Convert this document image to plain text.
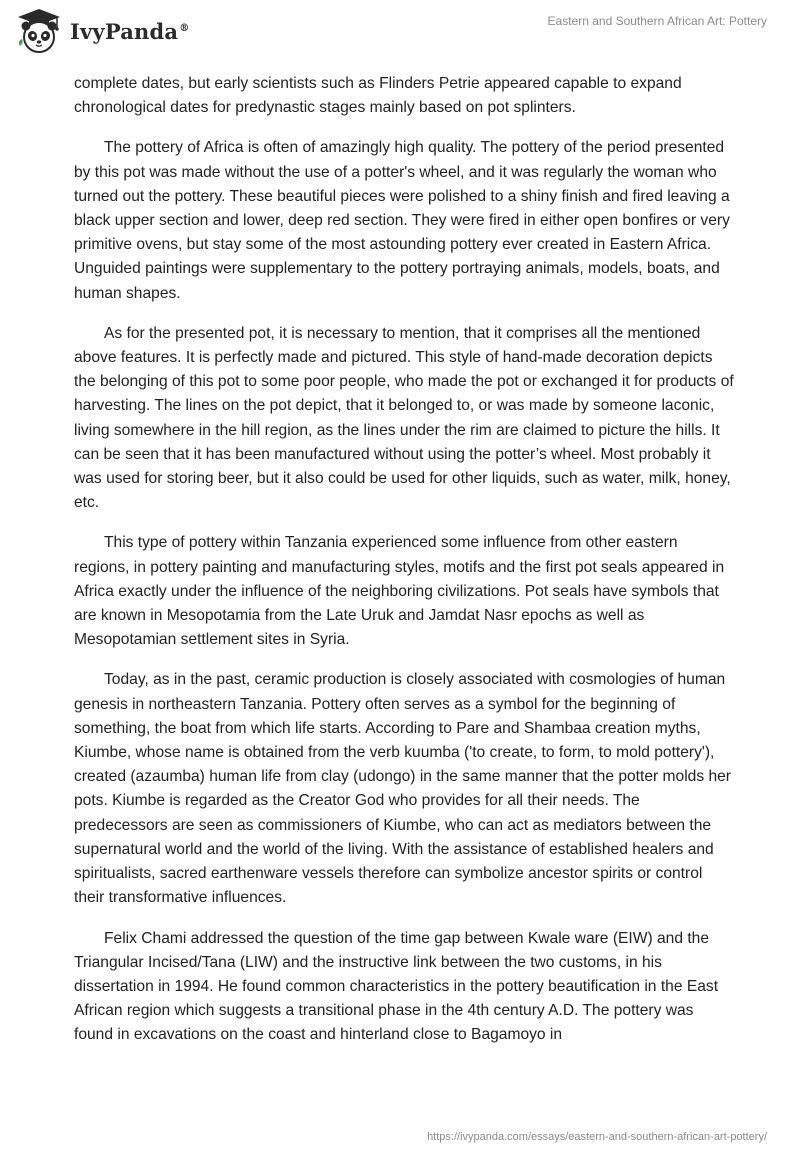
IvyPanda®	Eastern and Southern African Art: Pottery

complete dates, but early scientists such as Flinders Petrie appeared capable to expand chronological dates for predynastic stages mainly based on pot splinters.

The pottery of Africa is often of amazingly high quality. The pottery of the period presented by this pot was made without the use of a potter's wheel, and it was regularly the woman who turned out the pottery. These beautiful pieces were polished to a shiny finish and fired leaving a black upper section and lower, deep red section. They were fired in either open bonfires or very primitive ovens, but stay some of the most astounding pottery ever created in Eastern Africa. Unguided paintings were supplementary to the pottery portraying animals, models, boats, and human shapes.

As for the presented pot, it is necessary to mention, that it comprises all the mentioned above features. It is perfectly made and pictured. This style of hand-made decoration depicts the belonging of this pot to some poor people, who made the pot or exchanged it for products of harvesting. The lines on the pot depict, that it belonged to, or was made by someone laconic, living somewhere in the hill region, as the lines under the rim are claimed to picture the hills. It can be seen that it has been manufactured without using the potter’s wheel. Most probably it was used for storing beer, but it also could be used for other liquids, such as water, milk, honey, etc.

This type of pottery within Tanzania experienced some influence from other eastern regions, in pottery painting and manufacturing styles, motifs and the first pot seals appeared in Africa exactly under the influence of the neighboring civilizations. Pot seals have symbols that are known in Mesopotamia from the Late Uruk and Jamdat Nasr epochs as well as Mesopotamian settlement sites in Syria.

Today, as in the past, ceramic production is closely associated with cosmologies of human genesis in northeastern Tanzania. Pottery often serves as a symbol for the beginning of something, the boat from which life starts. According to Pare and Shambaa creation myths, Kiumbe, whose name is obtained from the verb kuumba ('to create, to form, to mold pottery'), created (azaumba) human life from clay (udongo) in the same manner that the potter molds her pots. Kiumbe is regarded as the Creator God who provides for all their needs. The predecessors are seen as commissioners of Kiumbe, who can act as mediators between the supernatural world and the world of the living. With the assistance of established healers and spiritualists, sacred earthenware vessels therefore can symbolize ancestor spirits or control their transformative influences.

Felix Chami addressed the question of the time gap between Kwale ware (EIW) and the Triangular Incised/Tana (LIW) and the instructive link between the two customs, in his dissertation in 1994. He found common characteristics in the pottery beautification in the East African region which suggests a transitional phase in the 4th century A.D. The pottery was found in excavations on the coast and hinterland close to Bagamoyo in

https://ivypanda.com/essays/eastern-and-southern-african-art-pottery/
